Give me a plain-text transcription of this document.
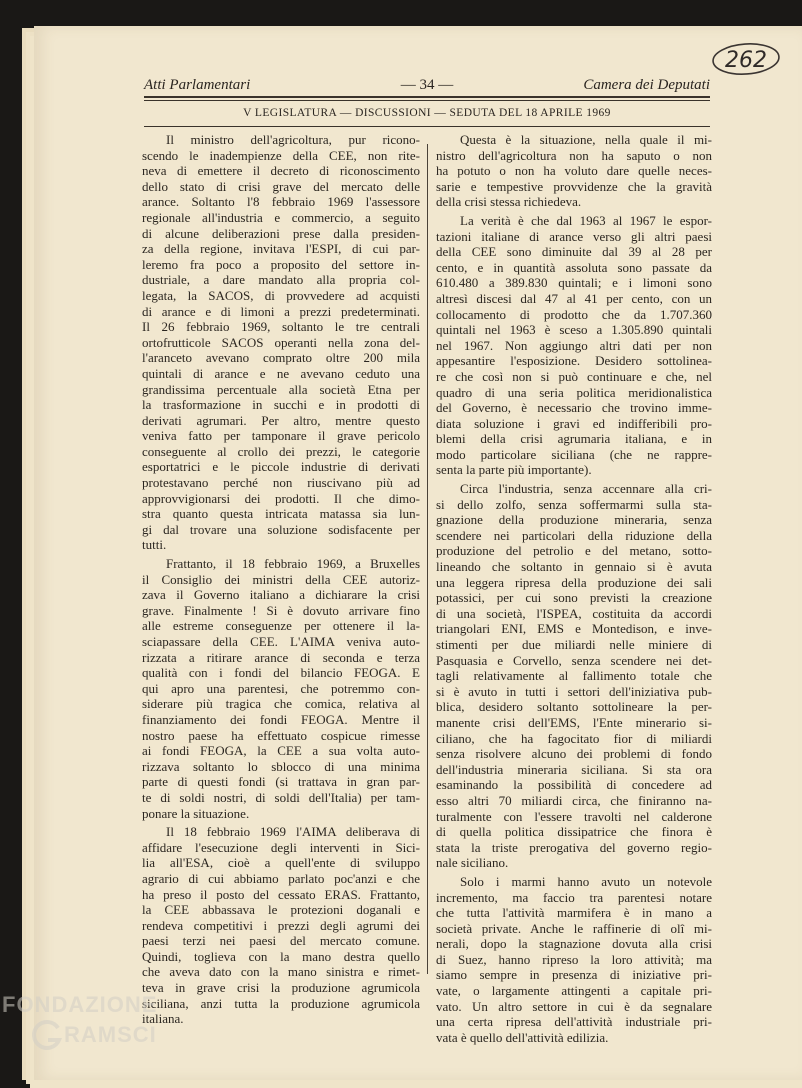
262
Atti Parlamentari	— 34 —	Camera dei Deputati
V LEGISLATURA — DISCUSSIONI — SEDUTA DEL 18 APRILE 1969

Il ministro dell'agricoltura, pur ricono-
scendo le inadempienze della CEE, non rite-
neva di emettere il decreto di riconoscimento
dello stato di crisi grave del mercato delle
arance. Soltanto l'8 febbraio 1969 l'assessore
regionale all'industria e commercio, a seguito
di alcune deliberazioni prese dalla presiden-
za della regione, invitava l'ESPI, di cui par-
leremo fra poco a proposito del settore in-
dustriale, a dare mandato alla propria col-
legata, la SACOS, di provvedere ad acquisti
di arance e di limoni a prezzi predeterminati.
Il 26 febbraio 1969, soltanto le tre centrali
ortofrutticole SACOS operanti nella zona del-
l'aranceto avevano comprato oltre 200 mila
quintali di arance e ne avevano ceduto una
grandissima percentuale alla società Etna per
la trasformazione in succhi e in prodotti di
derivati agrumari. Per altro, mentre questo
veniva fatto per tamponare il grave pericolo
conseguente al crollo dei prezzi, le categorie
esportatrici e le piccole industrie di derivati
protestavano perché non riuscivano più ad
approvvigionarsi dei prodotti. Il che dimo-
stra quanto questa intricata matassa sia lun-
gi dal trovare una soluzione sodisfacente per
tutti.

Frattanto, il 18 febbraio 1969, a Bruxelles
il Consiglio dei ministri della CEE autoriz-
zava il Governo italiano a dichiarare la crisi
grave. Finalmente ! Si è dovuto arrivare fino
alle estreme conseguenze per ottenere il la-
sciapassare della CEE. L'AIMA veniva auto-
rizzata a ritirare arance di seconda e terza
qualità con i fondi del bilancio FEOGA. E
qui apro una parentesi, che potremmo con-
siderare più tragica che comica, relativa al
finanziamento dei fondi FEOGA. Mentre il
nostro paese ha effettuato cospicue rimesse
ai fondi FEOGA, la CEE a sua volta auto-
rizzava soltanto lo sblocco di una minima
parte di questi fondi (si trattava in gran par-
te di soldi nostri, di soldi dell'Italia) per tam-
ponare la situazione.

Il 18 febbraio 1969 l'AIMA deliberava di
affidare l'esecuzione degli interventi in Sici-
lia all'ESA, cioè a quell'ente di sviluppo
agrario di cui abbiamo parlato poc'anzi e che
ha preso il posto del cessato ERAS. Frattanto,
la CEE abbassava le protezioni doganali e
rendeva competitivi i prezzi degli agrumi dei
paesi terzi nei paesi del mercato comune.
Quindi, toglieva con la mano destra quello
che aveva dato con la mano sinistra e rimet-
teva in grave crisi la produzione agrumicola
siciliana, anzi tutta la produzione agrumicola
italiana.

Questa è la situazione, nella quale il mi-
nistro dell'agricoltura non ha saputo o non
ha potuto o non ha voluto dare quelle neces-
sarie e tempestive provvidenze che la gravità
della crisi stessa richiedeva.

La verità è che dal 1963 al 1967 le espor-
tazioni italiane di arance verso gli altri paesi
della CEE sono diminuite dal 39 al 28 per
cento, e in quantità assoluta sono passate da
610.480 a 389.830 quintali; e i limoni sono
altresì discesi dal 47 al 41 per cento, con un
collocamento di prodotto che da 1.707.360
quintali nel 1963 è sceso a 1.305.890 quintali
nel 1967. Non aggiungo altri dati per non
appesantire l'esposizione. Desidero sottolinea-
re che così non si può continuare e che, nel
quadro di una seria politica meridionalistica
del Governo, è necessario che trovino imme-
diata soluzione i gravi ed indifferibili pro-
blemi della crisi agrumaria italiana, e in
modo particolare siciliana (che ne rappre-
senta la parte più importante).

Circa l'industria, senza accennare alla cri-
si dello zolfo, senza soffermarmi sulla sta-
gnazione della produzione mineraria, senza
scendere nei particolari della riduzione della
produzione del petrolio e del metano, sotto-
lineando che soltanto in gennaio si è avuta
una leggera ripresa della produzione dei sali
potassici, per cui sono previsti la creazione
di una società, l'ISPEA, costituita da accordi
triangolari ENI, EMS e Montedison, e inve-
stimenti per due miliardi nelle miniere di
Pasquasia e Corvello, senza scendere nei det-
tagli relativamente al fallimento totale che
si è avuto in tutti i settori dell'iniziativa pub-
blica, desidero soltanto sottolineare la per-
manente crisi dell'EMS, l'Ente minerario si-
ciliano, che ha fagocitato fior di miliardi
senza risolvere alcuno dei problemi di fondo
dell'industria mineraria siciliana. Si sta ora
esaminando la possibilità di concedere ad
esso altri 70 miliardi circa, che finiranno na-
turalmente con l'essere travolti nel calderone
di quella politica dissipatrice che finora è
stata la triste prerogativa del governo regio-
nale siciliano.

Solo i marmi hanno avuto un notevole
incremento, ma faccio tra parentesi notare
che tutta l'attività marmifera è in mano a
società private. Anche le raffinerie di olî mi-
nerali, dopo la stagnazione dovuta alla crisi
di Suez, hanno ripreso la loro attività; ma
siamo sempre in presenza di iniziative pri-
vate, o largamente attingenti a capitale pri-
vato. Un altro settore in cui è da segnalare
una certa ripresa dell'attività industriale pri-
vata è quello dell'attività edilizia.

FONDAZIONE
RAMSCI
